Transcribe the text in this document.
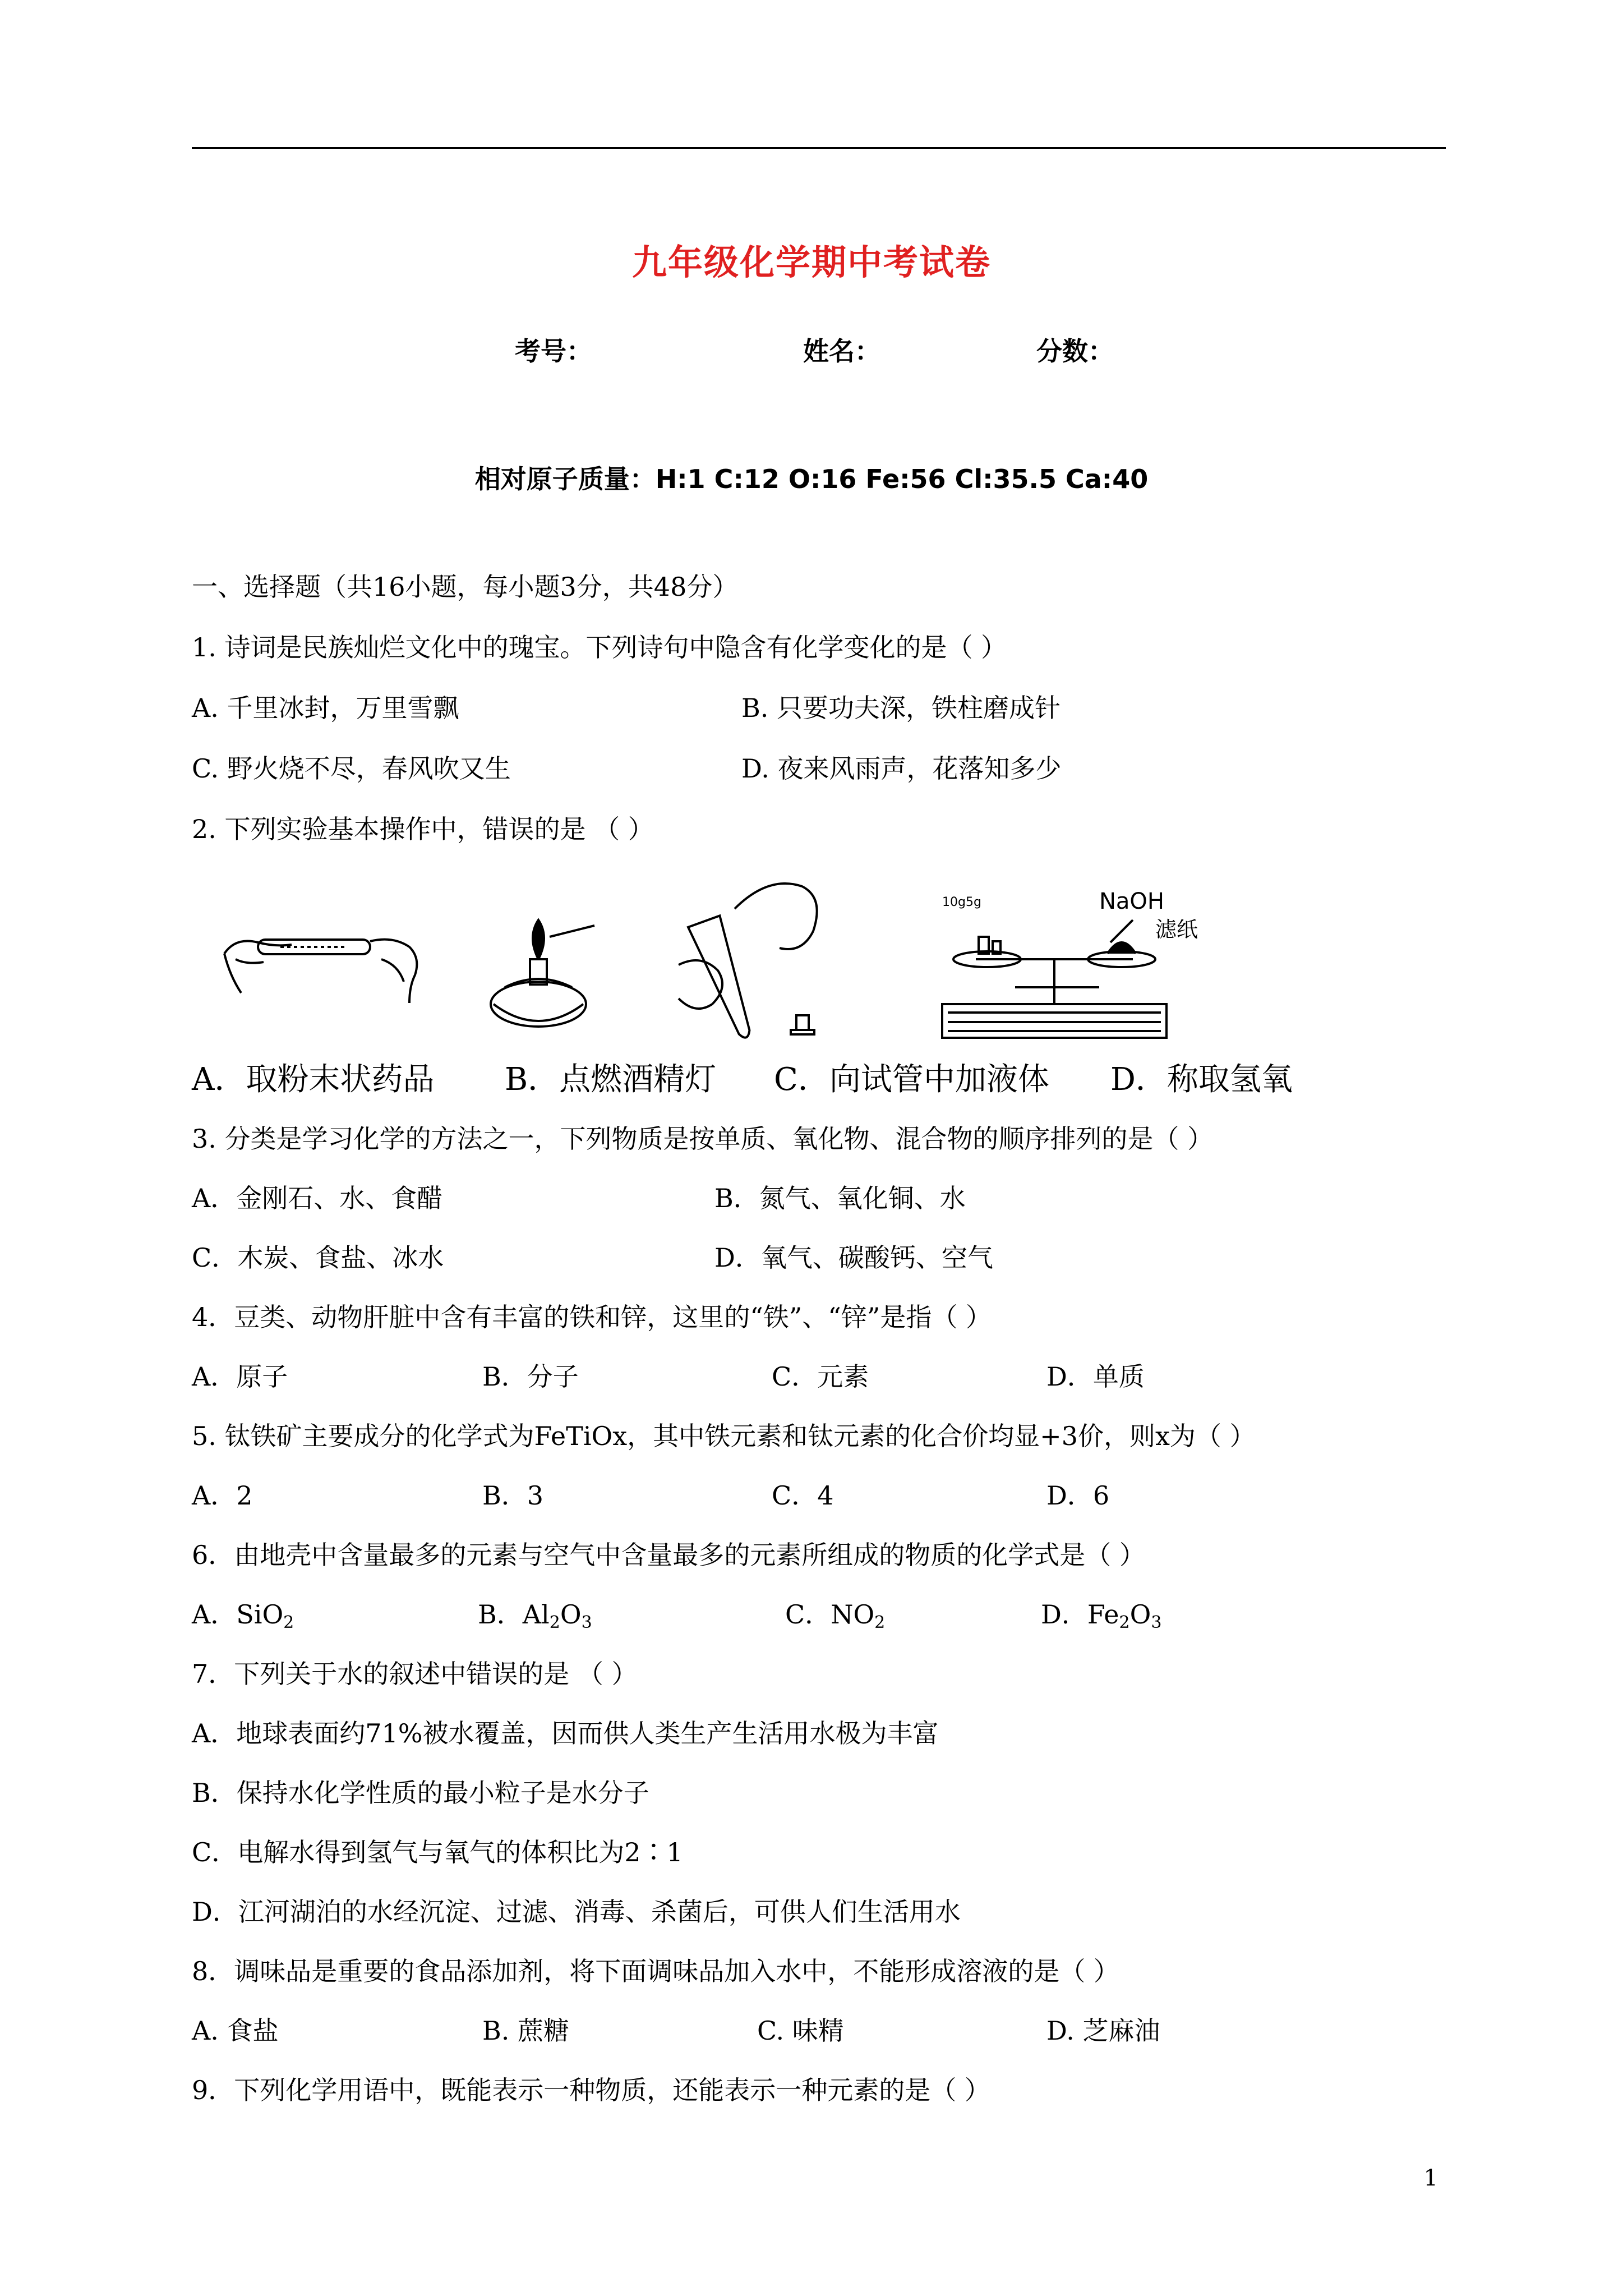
九年级化学期中考试卷
考号：	姓名：	分数：
相对原子质量：H:1 C:12 O:16 Fe:56 Cl:35.5 Ca:40
一、选择题（共16小题，每小题3分，共48分）
1. 诗词是民族灿烂文化中的瑰宝。下列诗句中隐含有化学变化的是（ ）
A. 千里冰封，万里雪飘	B. 只要功夫深，铁柱磨成针
C. 野火烧不尽，春风吹又生	D. 夜来风雨声，花落知多少
2. 下列实验基本操作中，错误的是 （ ）
10g5g	NaOH
滤纸
A．取粉末状药品 B．点燃酒精灯 C．向试管中加液体 D．称取氢氧
3. 分类是学习化学的方法之一，下列物质是按单质、氧化物、混合物的顺序排列的是（ ）
A．金刚石、水、食醋	B．氮气、氧化铜、水
C．木炭、食盐、冰水	D．氧气、碳酸钙、空气
4．豆类、动物肝脏中含有丰富的铁和锌，这里的“铁”、“锌”是指（ ）
A．原子	B．分子	C．元素	D．单质
5. 钛铁矿主要成分的化学式为FeTiOx，其中铁元素和钛元素的化合价均显+3价，则x为（ ）
A．2	B．3	C．4	D．6
6．由地壳中含量最多的元素与空气中含量最多的元素所组成的物质的化学式是（ ）
A．SiO$_2$	B．$Al_2O_3$	C．$NO_2$	D．$Fe_2O_3$
7．下列关于水的叙述中错误的是 （ ）
A．地球表面约71%被水覆盖，因而供人类生产生活用水极为丰富
B．保持水化学性质的最小粒子是水分子
C．电解水得到氢气与氧气的体积比为2∶1
D．江河湖泊的水经沉淀、过滤、消毒、杀菌后，可供人们生活用水
8．调味品是重要的食品添加剂，将下面调味品加入水中，不能形成溶液的是（ ）
A. 食盐	B. 蔗糖	C. 味精	D. 芝麻油
9．下列化学用语中，既能表示一种物质，还能表示一种元素的是（ ）
1
